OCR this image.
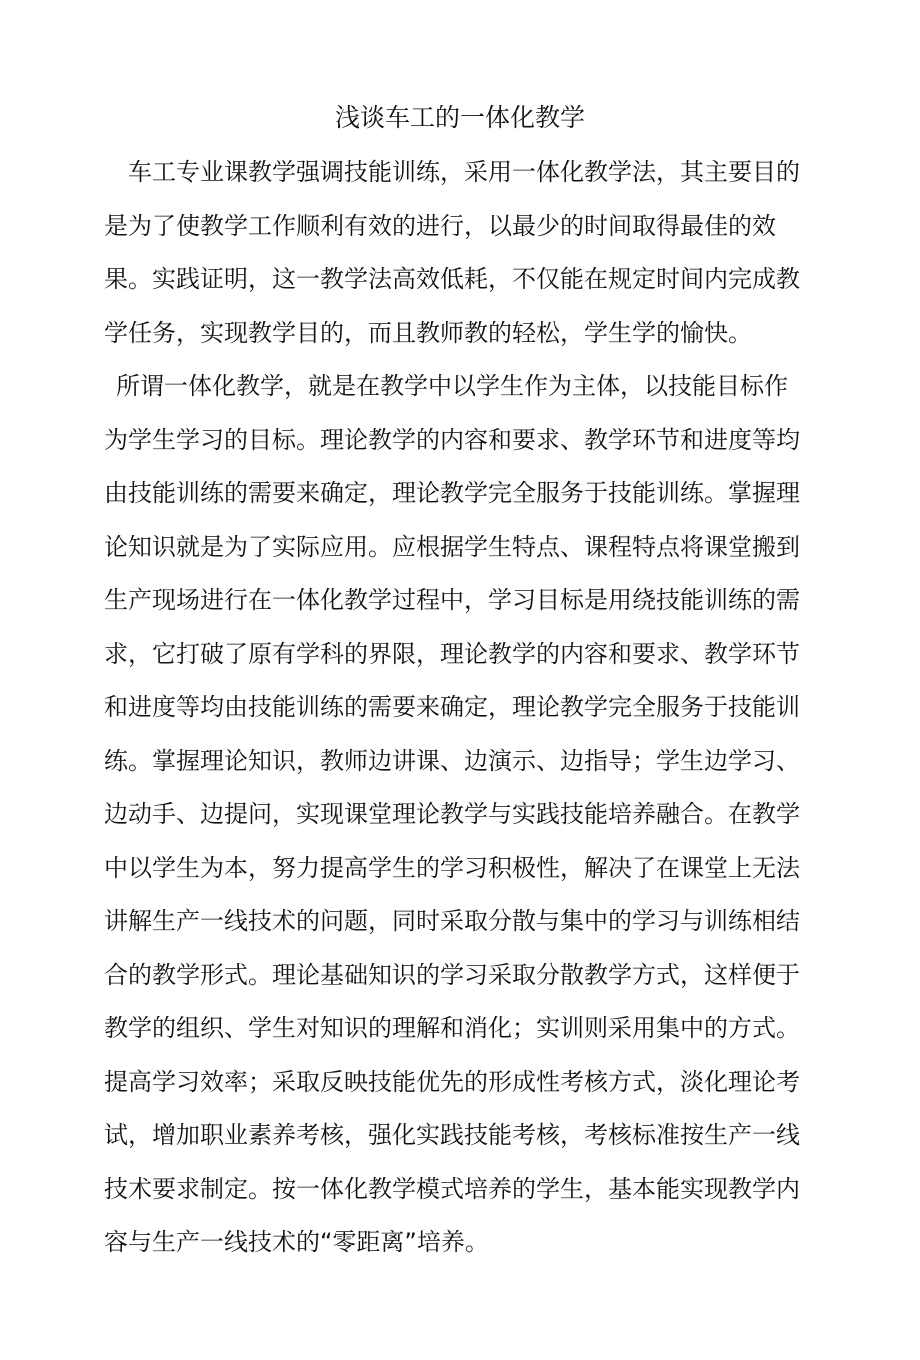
浅谈车工的一体化教学
车工专业课教学强调技能训练，采用一体化教学法，其主要目的
是为了使教学工作顺利有效的进行，以最少的时间取得最佳的效
果。实践证明，这一教学法高效低耗，不仅能在规定时间内完成教
学任务，实现教学目的，而且教师教的轻松，学生学的愉快。
所谓一体化教学，就是在教学中以学生作为主体，以技能目标作
为学生学习的目标。理论教学的内容和要求、教学环节和进度等均
由技能训练的需要来确定，理论教学完全服务于技能训练。掌握理
论知识就是为了实际应用。应根据学生特点、课程特点将课堂搬到
生产现场进行在一体化教学过程中，学习目标是用绕技能训练的需
求，它打破了原有学科的界限，理论教学的内容和要求、教学环节
和进度等均由技能训练的需要来确定，理论教学完全服务于技能训
练。掌握理论知识，教师边讲课、边演示、边指导；学生边学习、
边动手、边提问，实现课堂理论教学与实践技能培养融合。在教学
中以学生为本，努力提高学生的学习积极性，解决了在课堂上无法
讲解生产一线技术的问题，同时采取分散与集中的学习与训练相结
合的教学形式。理论基础知识的学习采取分散教学方式，这样便于
教学的组织、学生对知识的理解和消化；实训则采用集中的方式。
提高学习效率；采取反映技能优先的形成性考核方式，淡化理论考
试，增加职业素养考核，强化实践技能考核，考核标准按生产一线
技术要求制定。按一体化教学模式培养的学生，基本能实现教学内
容与生产一线技术的“零距离”培养。
